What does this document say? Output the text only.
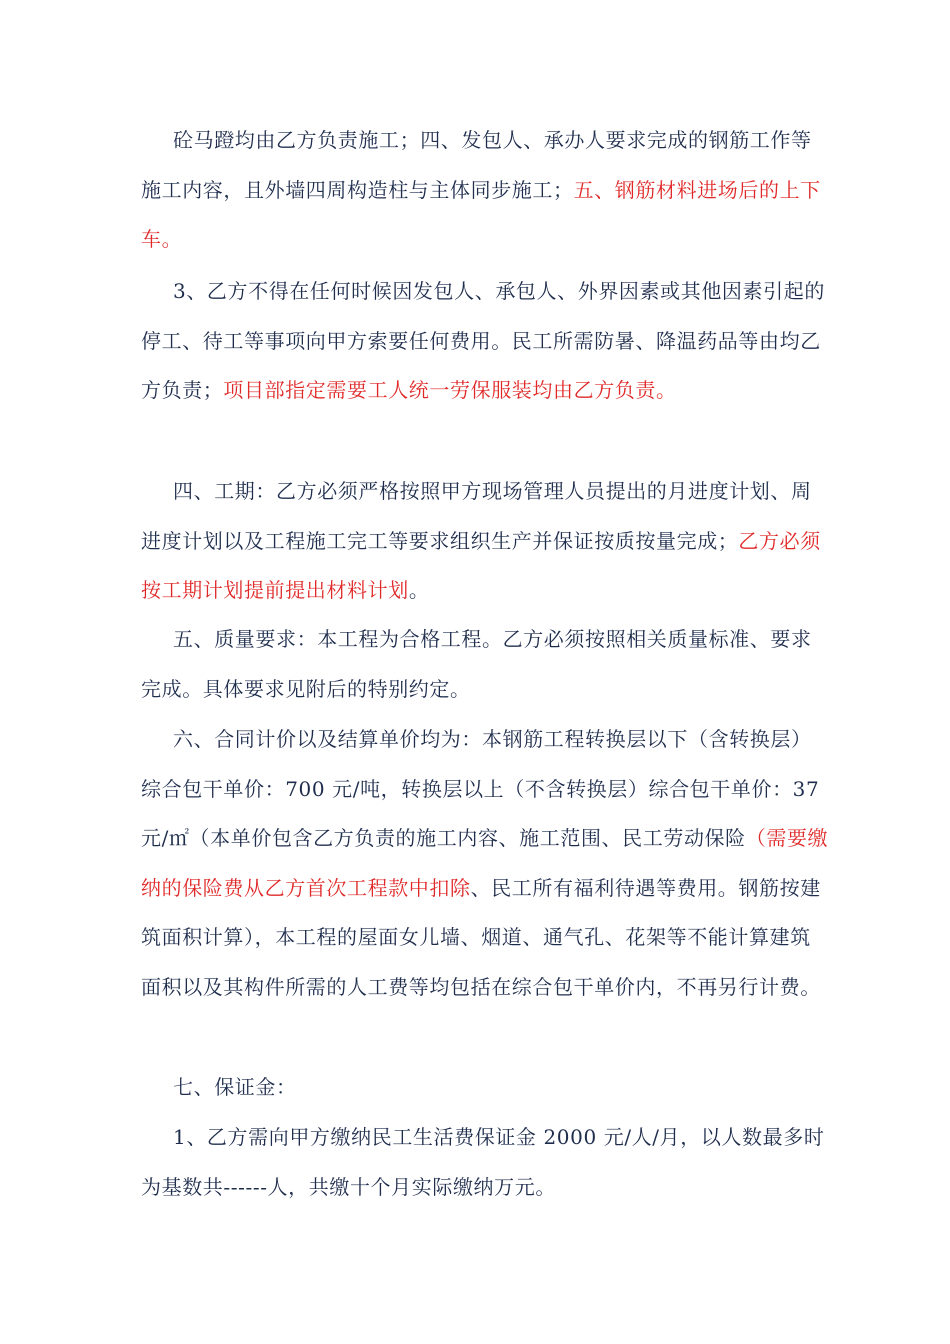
砼马蹬均由乙方负责施工；四、发包人、承办人要求完成的钢筋工作等施工内容，且外墙四周构造柱与主体同步施工；五、钢筋材料进场后的上下车。

3、乙方不得在任何时候因发包人、承包人、外界因素或其他因素引起的停工、待工等事项向甲方索要任何费用。民工所需防暑、降温药品等由均乙方负责；项目部指定需要工人统一劳保服装均由乙方负责。

四、工期：乙方必须严格按照甲方现场管理人员提出的月进度计划、周进度计划以及工程施工完工等要求组织生产并保证按质按量完成；乙方必须按工期计划提前提出材料计划。

五、质量要求：本工程为合格工程。乙方必须按照相关质量标准、要求完成。具体要求见附后的特别约定。

六、合同计价以及结算单价均为：本钢筋工程转换层以下（含转换层）综合包干单价：700 元/吨，转换层以上（不含转换层）综合包干单价：37 元/㎡（本单价包含乙方负责的施工内容、施工范围、民工劳动保险（需要缴纳的保险费从乙方首次工程款中扣除、民工所有福利待遇等费用。钢筋按建筑面积计算），本工程的屋面女儿墙、烟道、通气孔、花架等不能计算建筑面积以及其构件所需的人工费等均包括在综合包干单价内，不再另行计费。

七、保证金：

1、乙方需向甲方缴纳民工生活费保证金 2000 元/人/月，以人数最多时为基数共------人，共缴十个月实际缴纳万元。
